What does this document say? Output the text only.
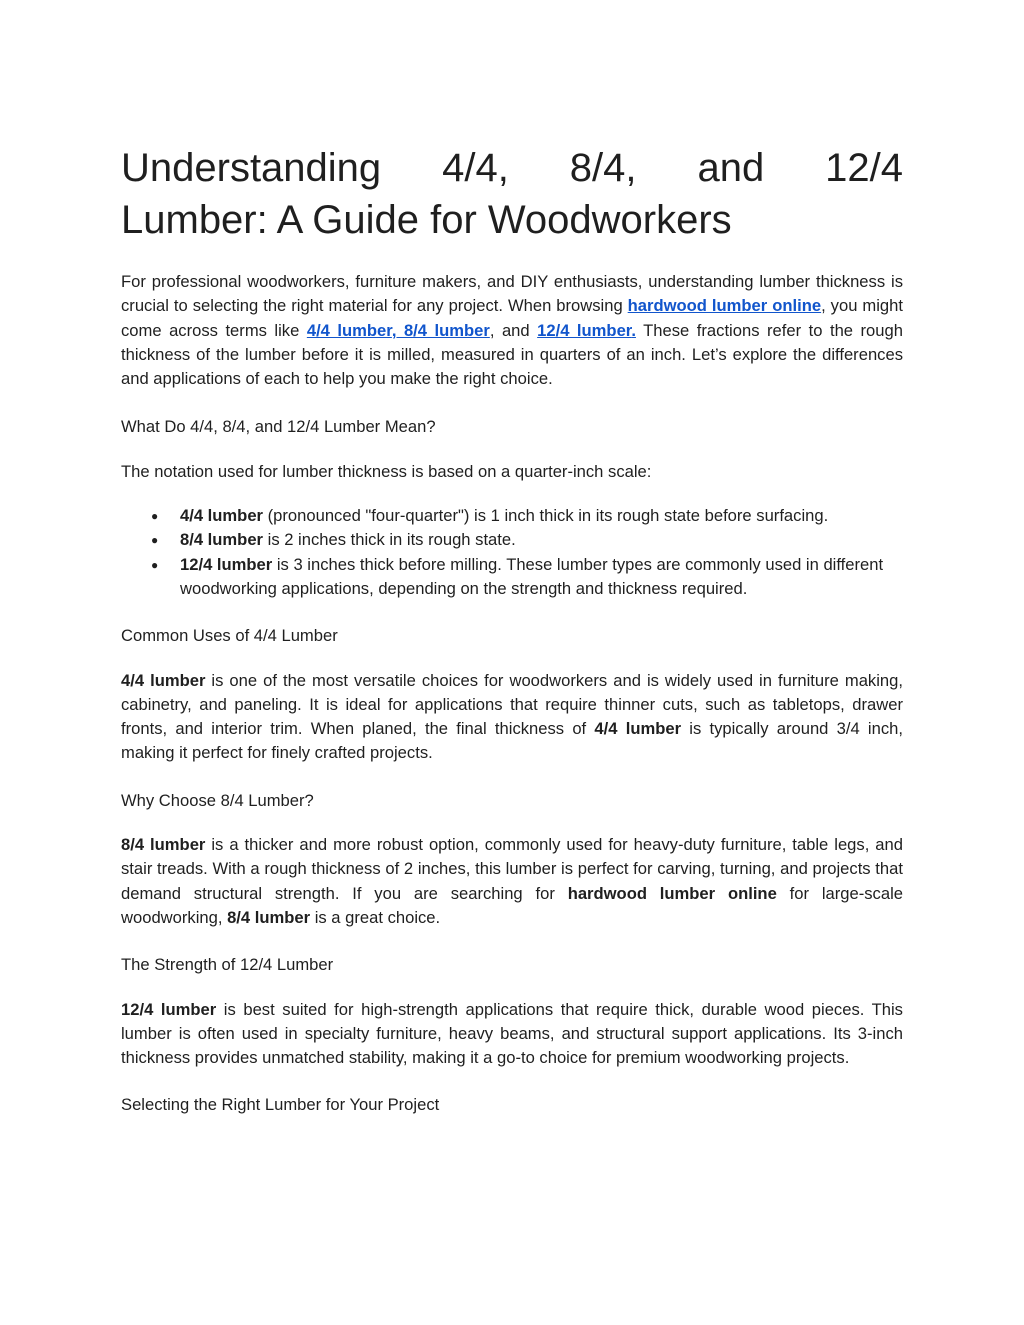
Understanding 4/4, 8/4, and 12/4
Lumber: A Guide for Woodworkers

For professional woodworkers, furniture makers, and DIY enthusiasts, understanding lumber thickness is crucial to selecting the right material for any project. When browsing hardwood lumber online, you might come across terms like 4/4 lumber, 8/4 lumber, and 12/4 lumber. These fractions refer to the rough thickness of the lumber before it is milled, measured in quarters of an inch. Let’s explore the differences and applications of each to help you make the right choice.

What Do 4/4, 8/4, and 12/4 Lumber Mean?

The notation used for lumber thickness is based on a quarter-inch scale:

● 4/4 lumber (pronounced "four-quarter") is 1 inch thick in its rough state before surfacing.
● 8/4 lumber is 2 inches thick in its rough state.
● 12/4 lumber is 3 inches thick before milling. These lumber types are commonly used in different woodworking applications, depending on the strength and thickness required.

Common Uses of 4/4 Lumber

4/4 lumber is one of the most versatile choices for woodworkers and is widely used in furniture making, cabinetry, and paneling. It is ideal for applications that require thinner cuts, such as tabletops, drawer fronts, and interior trim. When planed, the final thickness of 4/4 lumber is typically around 3/4 inch, making it perfect for finely crafted projects.

Why Choose 8/4 Lumber?

8/4 lumber is a thicker and more robust option, commonly used for heavy-duty furniture, table legs, and stair treads. With a rough thickness of 2 inches, this lumber is perfect for carving, turning, and projects that demand structural strength. If you are searching for hardwood lumber online for large-scale woodworking, 8/4 lumber is a great choice.

The Strength of 12/4 Lumber

12/4 lumber is best suited for high-strength applications that require thick, durable wood pieces. This lumber is often used in specialty furniture, heavy beams, and structural support applications. Its 3-inch thickness provides unmatched stability, making it a go-to choice for premium woodworking projects.

Selecting the Right Lumber for Your Project
